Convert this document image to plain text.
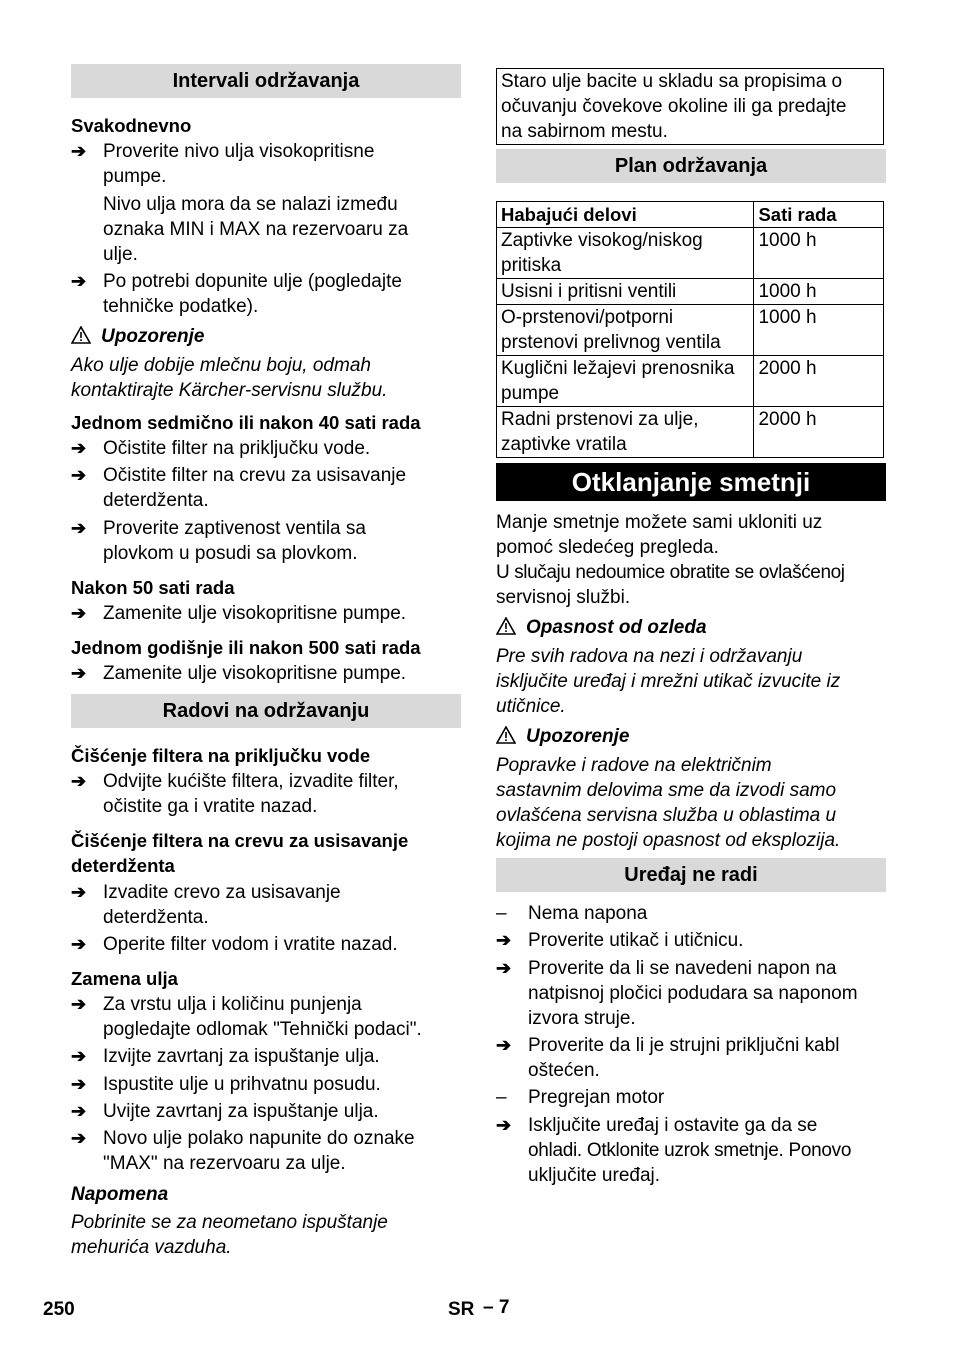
Intervali održavanja
Svakodnevno
➔ Proverite nivo ulja visokopritisne
pumpe.
Nivo ulja mora da se nalazi između
oznaka MIN i MAX na rezervoaru za
ulje.
➔ Po potrebi dopunite ulje (pogledajte
tehničke podatke).
Upozorenje
Ako ulje dobije mlečnu boju, odmah
kontaktirajte Kärcher-servisnu službu.
Jednom sedmično ili nakon 40 sati rada
➔ Očistite filter na priključku vode.
➔ Očistite filter na crevu za usisavanje
deterdženta.
➔ Proverite zaptivenost ventila sa
plovkom u posudi sa plovkom.
Nakon 50 sati rada
➔ Zamenite ulje visokopritisne pumpe.
Jednom godišnje ili nakon 500 sati rada
➔ Zamenite ulje visokopritisne pumpe.
Radovi na održavanju
Čišćenje filtera na priključku vode
➔ Odvijte kućište filtera, izvadite filter,
očistite ga i vratite nazad.
Čišćenje filtera na crevu za usisavanje
deterdženta
➔ Izvadite crevo za usisavanje
deterdženta.
➔ Operite filter vodom i vratite nazad.
Zamena ulja
➔ Za vrstu ulja i količinu punjenja
pogledajte odlomak "Tehnički podaci".
➔ Izvijte zavrtanj za ispuštanje ulja.
➔ Ispustite ulje u prihvatnu posudu.
➔ Uvijte zavrtanj za ispuštanje ulja.
➔ Novo ulje polako napunite do oznake
"MAX" na rezervoaru za ulje.
Napomena
Pobrinite se za neometano ispuštanje
mehurića vazduha.
Staro ulje bacite u skladu sa propisima o
očuvanju čovekove okoline ili ga predajte
na sabirnom mestu.
Plan održavanja
Habajući delovi	Sati rada
Zaptivke visokog/niskog pritiska	1000 h
Usisni i pritisni ventili	1000 h
O-prstenovi/potporni prstenovi prelivnog ventila	1000 h
Kuglični ležajevi prenosnika pumpe	2000 h
Radni prstenovi za ulje, zaptivke vratila	2000 h
Otklanjanje smetnji
Manje smetnje možete sami ukloniti uz
pomoć sledećeg pregleda.
U slučaju nedoumice obratite se ovlašćenoj
servisnoj službi.
Opasnost od ozleda
Pre svih radova na nezi i održavanju
isključite uređaj i mrežni utikač izvucite iz
utičnice.
Upozorenje
Popravke i radove na električnim
sastavnim delovima sme da izvodi samo
ovlašćena servisna služba u oblastima u
kojima ne postoji opasnost od eksplozija.
Uređaj ne radi
– Nema napona
➔ Proverite utikač i utičnicu.
➔ Proverite da li se navedeni napon na
natpisnoj pločici podudara sa naponom
izvora struje.
➔ Proverite da li je strujni priključni kabl
oštećen.
– Pregrejan motor
➔ Isključite uređaj i ostavite ga da se
ohladi. Otklonite uzrok smetnje. Ponovo
uključite uređaj.
250	SR – 7
